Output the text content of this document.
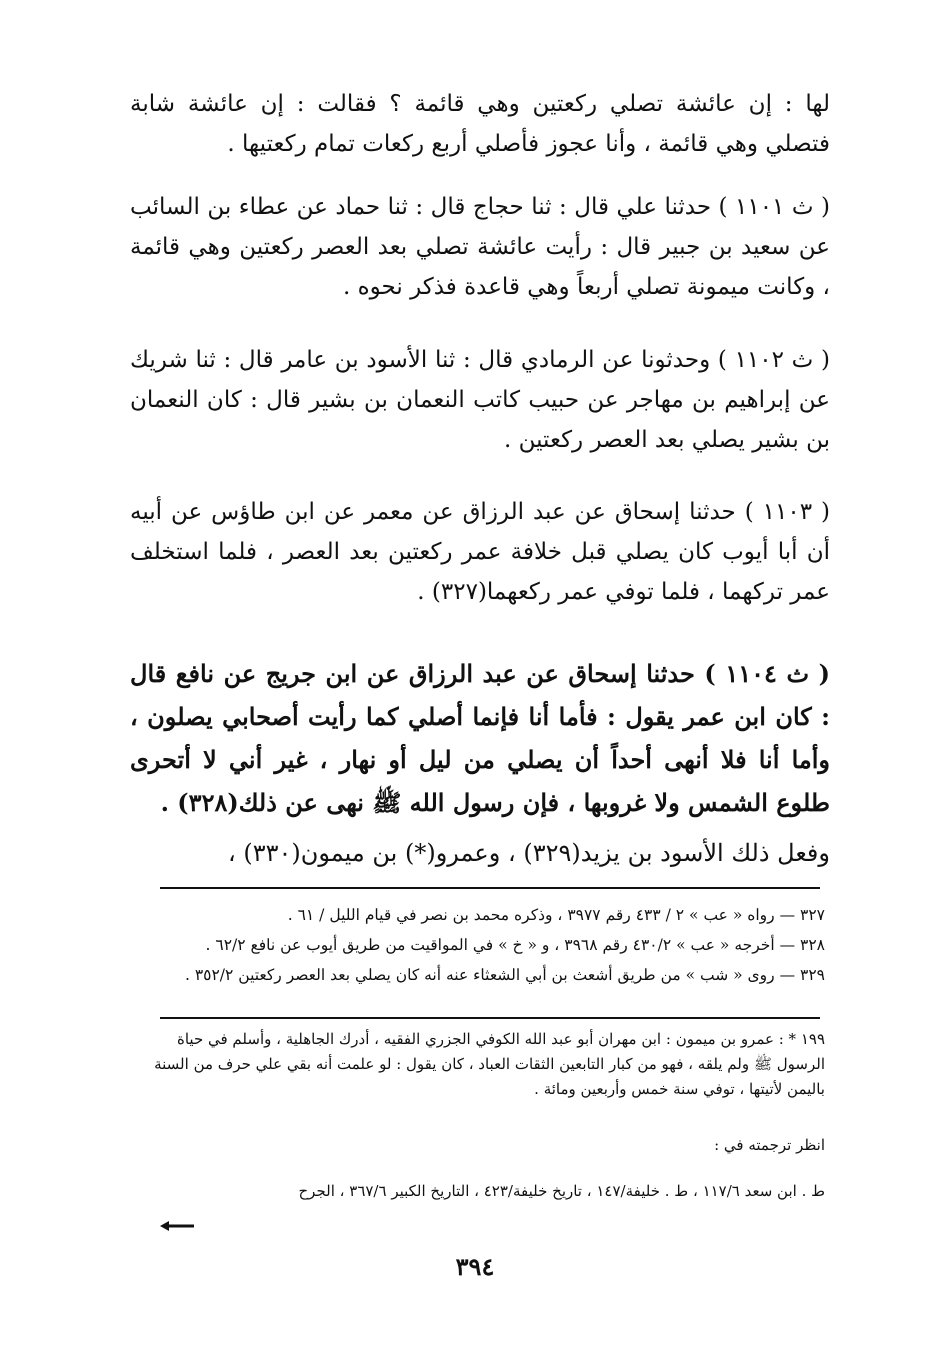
لها : إن عائشة تصلي ركعتين وهي قائمة ؟ فقالت : إن عائشة شابة فتصلي وهي قائمة ، وأنا عجوز فأصلي أربع ركعات تمام ركعتيها .

( ث ١١٠١ ) حدثنا علي قال : ثنا حجاج قال : ثنا حماد عن عطاء بن السائب عن سعيد بن جبير قال : رأيت عائشة تصلي بعد العصر ركعتين وهي قائمة ، وكانت ميمونة تصلي أربعاً وهي قاعدة فذكر نحوه .

( ث ١١٠٢ ) وحدثونا عن الرمادي قال : ثنا الأسود بن عامر قال : ثنا شريك عن إبراهيم بن مهاجر عن حبيب كاتب النعمان بن بشير قال : كان النعمان بن بشير يصلي بعد العصر ركعتين .

( ١١٠٣ ) حدثنا إسحاق عن عبد الرزاق عن معمر عن ابن طاؤس عن أبيه أن أبا أيوب كان يصلي قبل خلافة عمر ركعتين بعد العصر ، فلما استخلف عمر تركهما ، فلما توفي عمر ركعهما(٣٢٧) .

( ث ١١٠٤ ) حدثنا إسحاق عن عبد الرزاق عن ابن جريج عن نافع قال : كان ابن عمر يقول : فأما أنا فإنما أصلي كما رأيت أصحابي يصلون ، وأما أنا فلا أنهى أحداً أن يصلي من ليل أو نهار ، غير أني لا أتحرى طلوع الشمس ولا غروبها ، فإن رسول الله ﷺ نهى عن ذلك(٣٢٨) .

وفعل ذلك الأسود بن يزيد(٣٢٩) ، وعمرو(*) بن ميمون(٣٣٠) ،

٣٢٧ — رواه « عب » ٢ / ٤٣٣ رقم ٣٩٧٧ ، وذكره محمد بن نصر في قيام الليل / ٦١ .

٣٢٨ — أخرجه « عب » ٤٣٠/٢ رقم ٣٩٦٨ ، و « خ » في المواقيت من طريق أيوب عن نافع ٦٢/٢ .

٣٢٩ — روى « شب » من طريق أشعث بن أبي الشعثاء عنه أنه كان يصلي بعد العصر ركعتين ٣٥٢/٢ .

١٩٩ * : عمرو بن ميمون : ابن مهران أبو عبد الله الكوفي الجزري الفقيه ، أدرك الجاهلية ، وأسلم في حياة الرسول ﷺ ولم يلقه ، فهو من كبار التابعين الثقات العباد ، كان يقول : لو علمت أنه بقي علي حرف من السنة باليمن لأتيتها ، توفي سنة خمس وأربعين ومائة .

انظر ترجمته في :
ط . ابن سعد ١١٧/٦ ، ط . خليفة/١٤٧ ، تاريخ خليفة/٤٢٣ ، التاريخ الكبير ٣٦٧/٦ ، الجرح
٣٩٤
